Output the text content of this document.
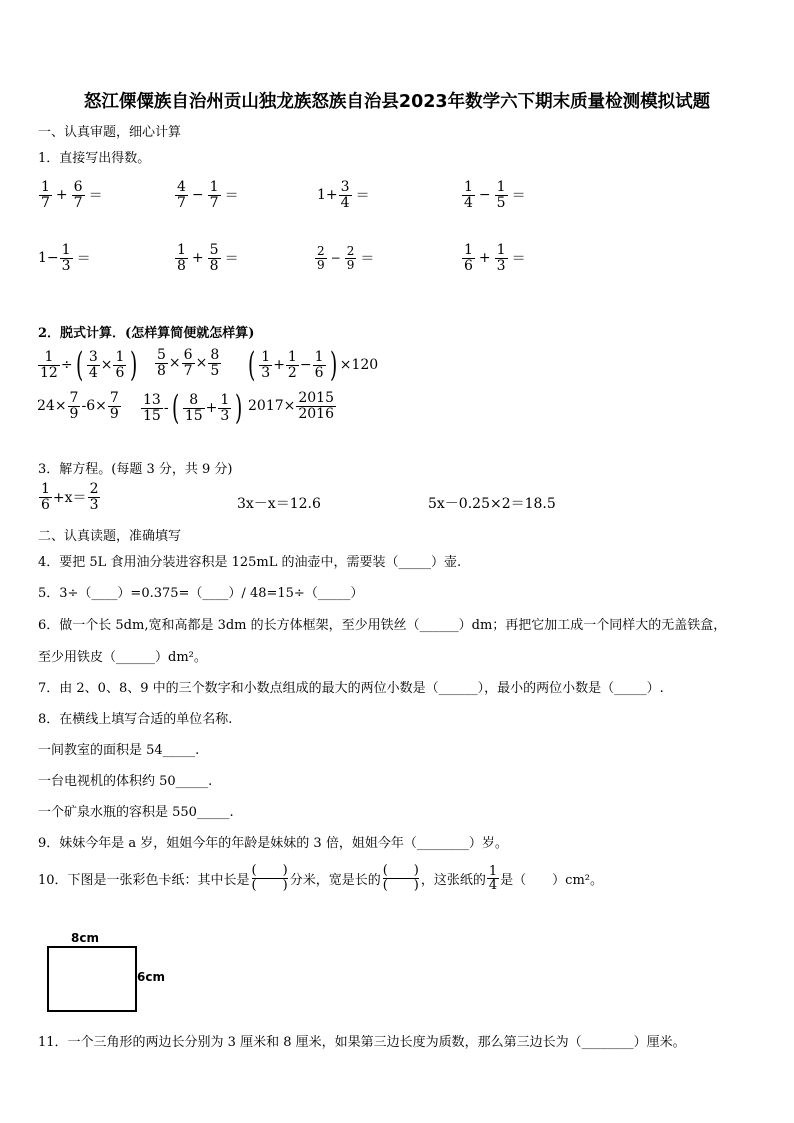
怒江傈僳族自治州贡山独龙族怒族自治县2023年数学六下期末质量检测模拟试题
一、认真审题，细心计算
1．直接写出得数。
$\frac{1}{7} + \frac{6}{7}$ ＝	$\frac{4}{7} - \frac{1}{7}$ ＝	$1+ \frac{3}{4}$ ＝	$\frac{1}{4} - \frac{1}{5}$ ＝
$1- \frac{1}{3}$ ＝	$\frac{1}{8} + \frac{5}{8}$ ＝	$\frac{2}{9} - \frac{2}{9}$ ＝	$\frac{1}{6} + \frac{1}{3}$ ＝
2．脱式计算．(怎样算简便就怎样算)
$\frac{1}{12}$ ÷ ( $\frac{3}{4} \times \frac{1}{6}$ ) $\frac{5}{8} \times \frac{6}{7} \times \frac{8}{5}$ ( $\frac{1}{3} + \frac{1}{2} - \frac{1}{6}$ ) ×120
$24\times \frac{7}{9} -6\times \frac{7}{9} \frac{13}{15}$ - ( $\frac{8}{15} + \frac{1}{3}$ ) $2017\times \frac{2015}{2016}$
3．解方程。(每题 3 分，共 9 分)
$\frac{1}{6} +x= \frac{2}{3}$	3x－x＝12.6	5x－0.25×2＝18.5
二、认真读题，准确填写
4．要把 5L 食用油分装进容积是 125mL 的油壶中，需要装（_____）壶.
5．3÷（____）=0.375=（____）/ 48=15÷（_____）
6．做一个长 5dm,宽和高都是 3dm 的长方体框架，至少用铁丝（______）dm；再把它加工成一个同样大的无盖铁盒，
至少用铁皮（______）dm²。
7．由 2、0、8、9 中的三个数字和小数点组成的最大的两位小数是（______），最小的两位小数是（_____）.
8．在横线上填写合适的单位名称.
一间教室的面积是 54_____.
一台电视机的体积约 50_____.
一个矿泉水瓶的容积是 550_____.
9．妹妹今年是 a 岁，姐姐今年的年龄是妹妹的 3 倍，姐姐今年（________）岁。
10．下图是一张彩色卡纸：其中长是
(　　)
(　　) 分米，宽是长的
(　　)
(　　) ，这张纸的 $\frac{1}{4}$ 是（　　）cm²。
8cm
6cm
11．一个三角形的两边长分别为 3 厘米和 8 厘米，如果第三边长度为质数，那么第三边长为（________）厘米。
